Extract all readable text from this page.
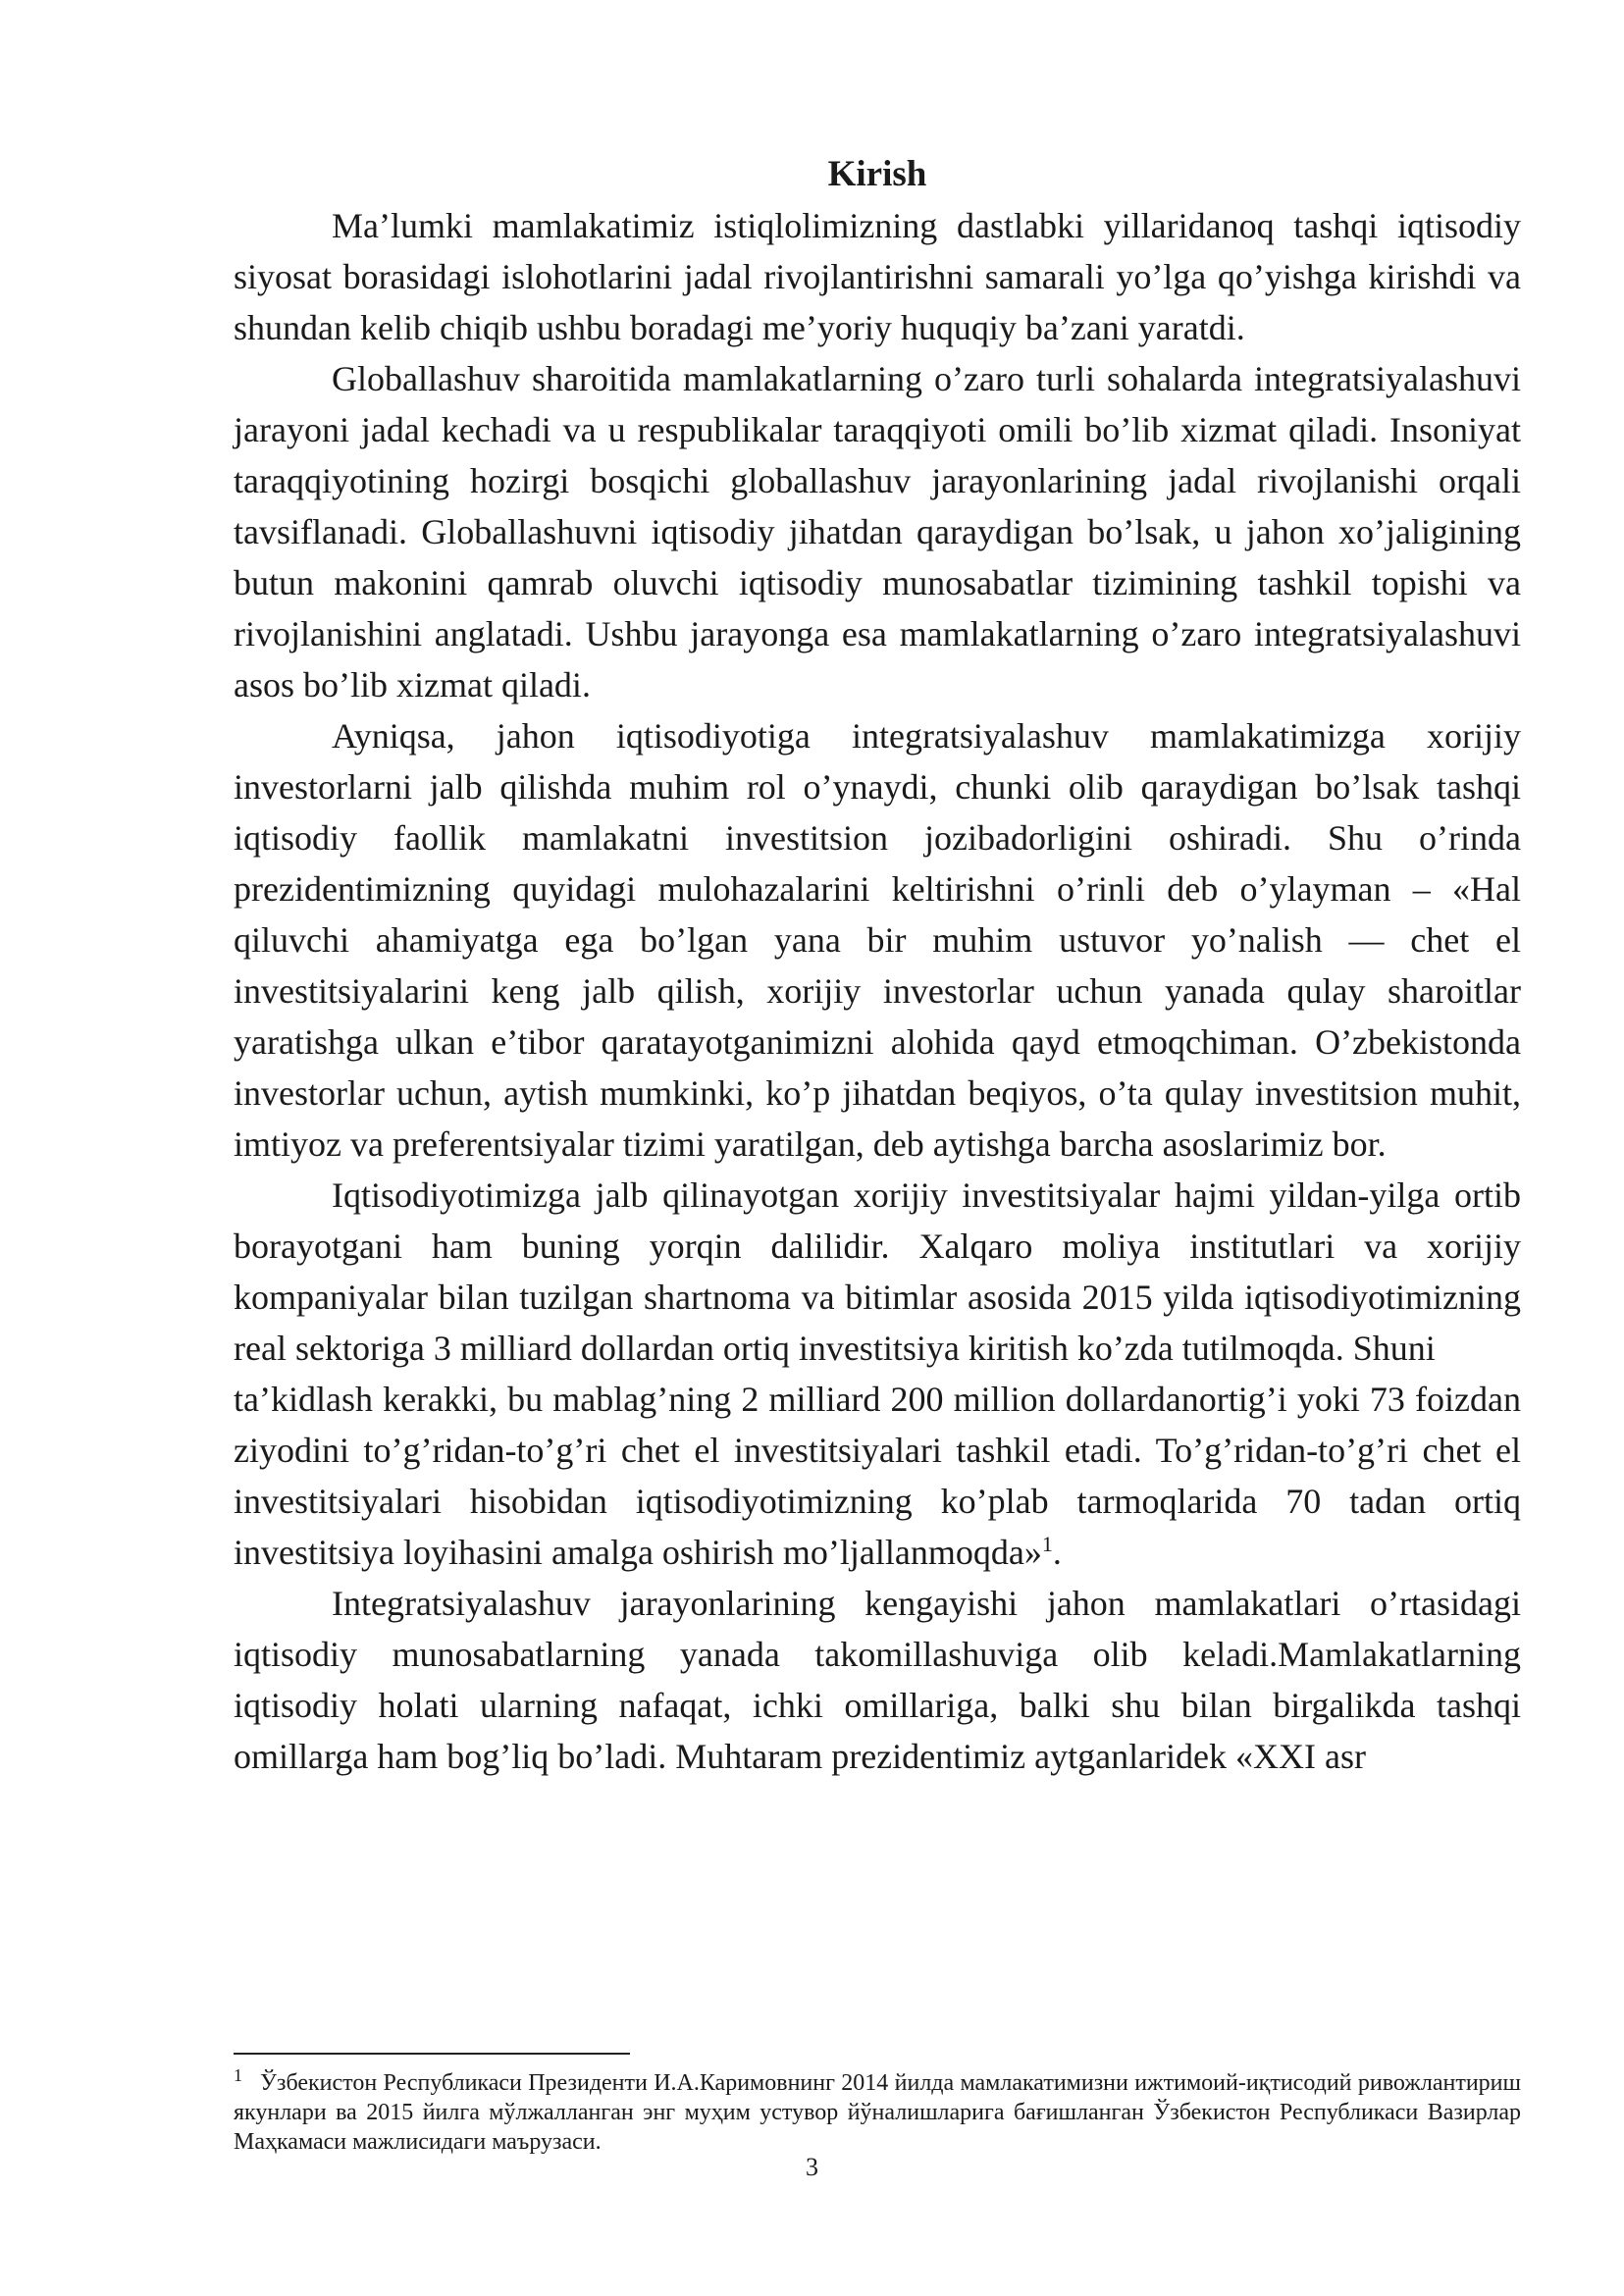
Kirish

Ma’lumki mamlakatimiz istiqlolimizning dastlabki yillaridanoq tashqi iqtisodiy siyosat borasidagi islohotlarini jadal rivojlantirishni samarali yo’lga qo’yishga kirishdi va shundan kelib chiqib ushbu boradagi me’yoriy huquqiy ba’zani yaratdi.

Globallashuv sharoitida mamlakatlarning o’zaro turli sohalarda integratsiyalashuvi jarayoni jadal kechadi va u respublikalar taraqqiyoti omili bo’lib xizmat qiladi. Insoniyat taraqqiyotining hozirgi bosqichi globallashuv jarayonlarining jadal rivojlanishi orqali tavsiflanadi. Globallashuvni iqtisodiy jihatdan qaraydigan bo’lsak, u jahon xo’jaligining butun makonini qamrab oluvchi iqtisodiy munosabatlar tizimining tashkil topishi va rivojlanishini anglatadi. Ushbu jarayonga esa mamlakatlarning o’zaro integratsiyalashuvi asos bo’lib xizmat qiladi.

Ayniqsa, jahon iqtisodiyotiga integratsiyalashuv mamlakatimizga xorijiy investorlarni jalb qilishda muhim rol o’ynaydi, chunki olib qaraydigan bo’lsak tashqi iqtisodiy faollik mamlakatni investitsion jozibadorligini oshiradi. Shu o’rinda prezidentimizning quyidagi mulohazalarini keltirishni o’rinli deb o’ylayman – «Hal qiluvchi ahamiyatga ega bo’lgan yana bir muhim ustuvor yo’nalish — chet el investitsiyalarini keng jalb qilish, xorijiy investorlar uchun yanada qulay sharoitlar yaratishga ulkan e’tibor qaratayotganimizni alohida qayd etmoqchiman. O’zbekistonda investorlar uchun, aytish mumkinki, ko’p jihatdan beqiyos, o’ta qulay investitsion muhit, imtiyoz va preferentsiyalar tizimi yaratilgan, deb aytishga barcha asoslarimiz bor.

Iqtisodiyotimizga jalb qilinayotgan xorijiy investitsiyalar hajmi yildan-yilga ortib borayotgani ham buning yorqin dalilidir. Xalqaro moliya institutlari va xorijiy kompaniyalar bilan tuzilgan shartnoma va bitimlar asosida 2015 yilda iqtisodiyotimizning real sektoriga 3 milliard dollardan ortiq investitsiya kiritish ko’zda tutilmoqda. Shuni

ta’kidlash kerakki, bu mablag’ning 2 milliard 200 million dollardanortig’i yoki 73 foizdan ziyodini to’g’ridan-to’g’ri chet el investitsiyalari tashkil etadi. To’g’ridan-to’g’ri chet el investitsiyalari hisobidan iqtisodiyotimizning ko’plab tarmoqlarida 70 tadan ortiq investitsiya loyihasini amalga oshirish mo’ljallanmoqda»$^1$.

Integratsiyalashuv jarayonlarining kengayishi jahon mamlakatlari o’rtasidagi iqtisodiy munosabatlarning yanada takomillashuviga olib keladi.Mamlakatlarning iqtisodiy holati ularning nafaqat, ichki omillariga, balki shu bilan birgalikda tashqi omillarga ham bog’liq bo’ladi. Muhtaram prezidentimiz aytganlaridek «XXI asr

$^1$ Ўзбекистон Республикаси Президенти И.А.Каримовнинг 2014 йилда мамлакатимизни ижтимоий-иқтисодий ривожлантириш якунлари ва 2015 йилга мўлжалланган энг муҳим устувор йўналишларига бағишланган Ўзбекистон Республикаси Вазирлар Маҳкамаси мажлисидаги маърузаси.

3
